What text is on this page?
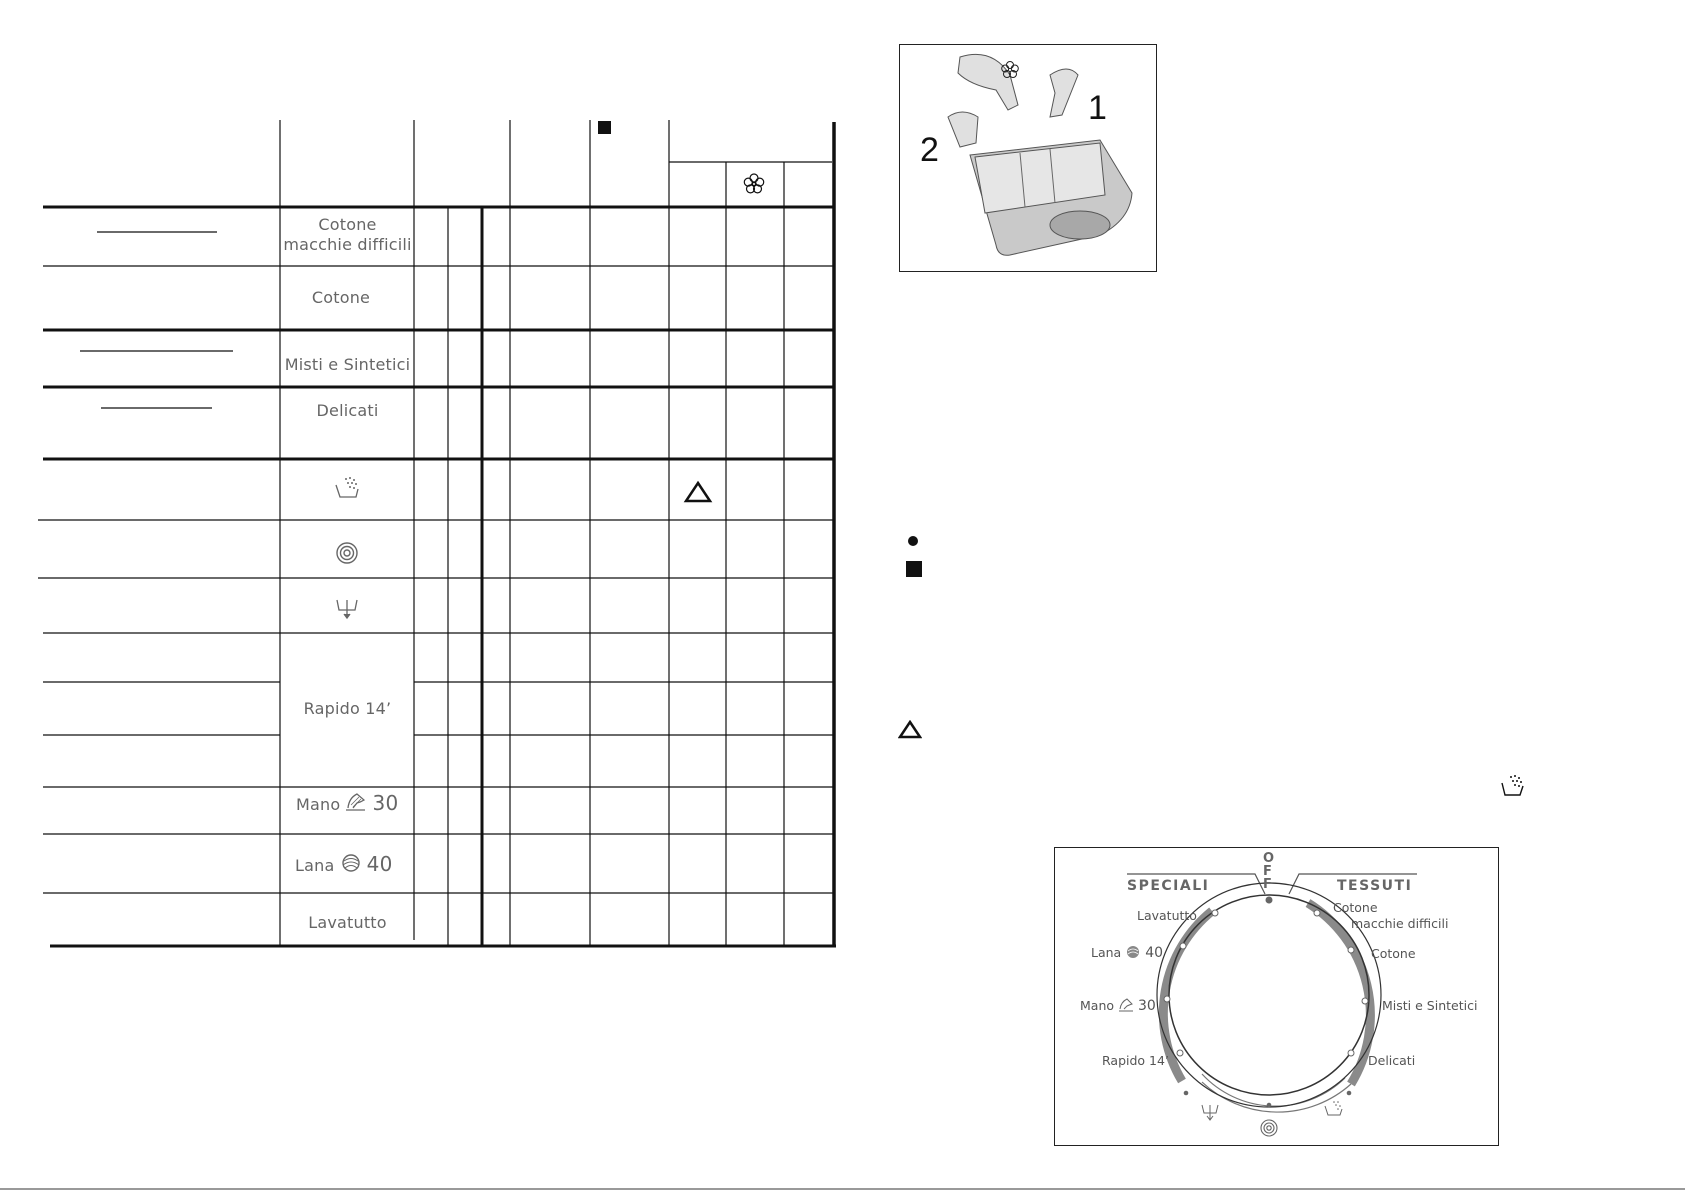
Cotone
macchie difficili
Cotone
Misti e Sintetici
Delicati
Rapido 14’
Mano 30
Lana 40
Lavatutto
1
2
OFF
SPECIALI	TESSUTI
Lavatutto
Lana 40
Mano 30
Rapido 14’
Cotone
macchie difficili
Cotone
Misti e Sintetici
Delicati
